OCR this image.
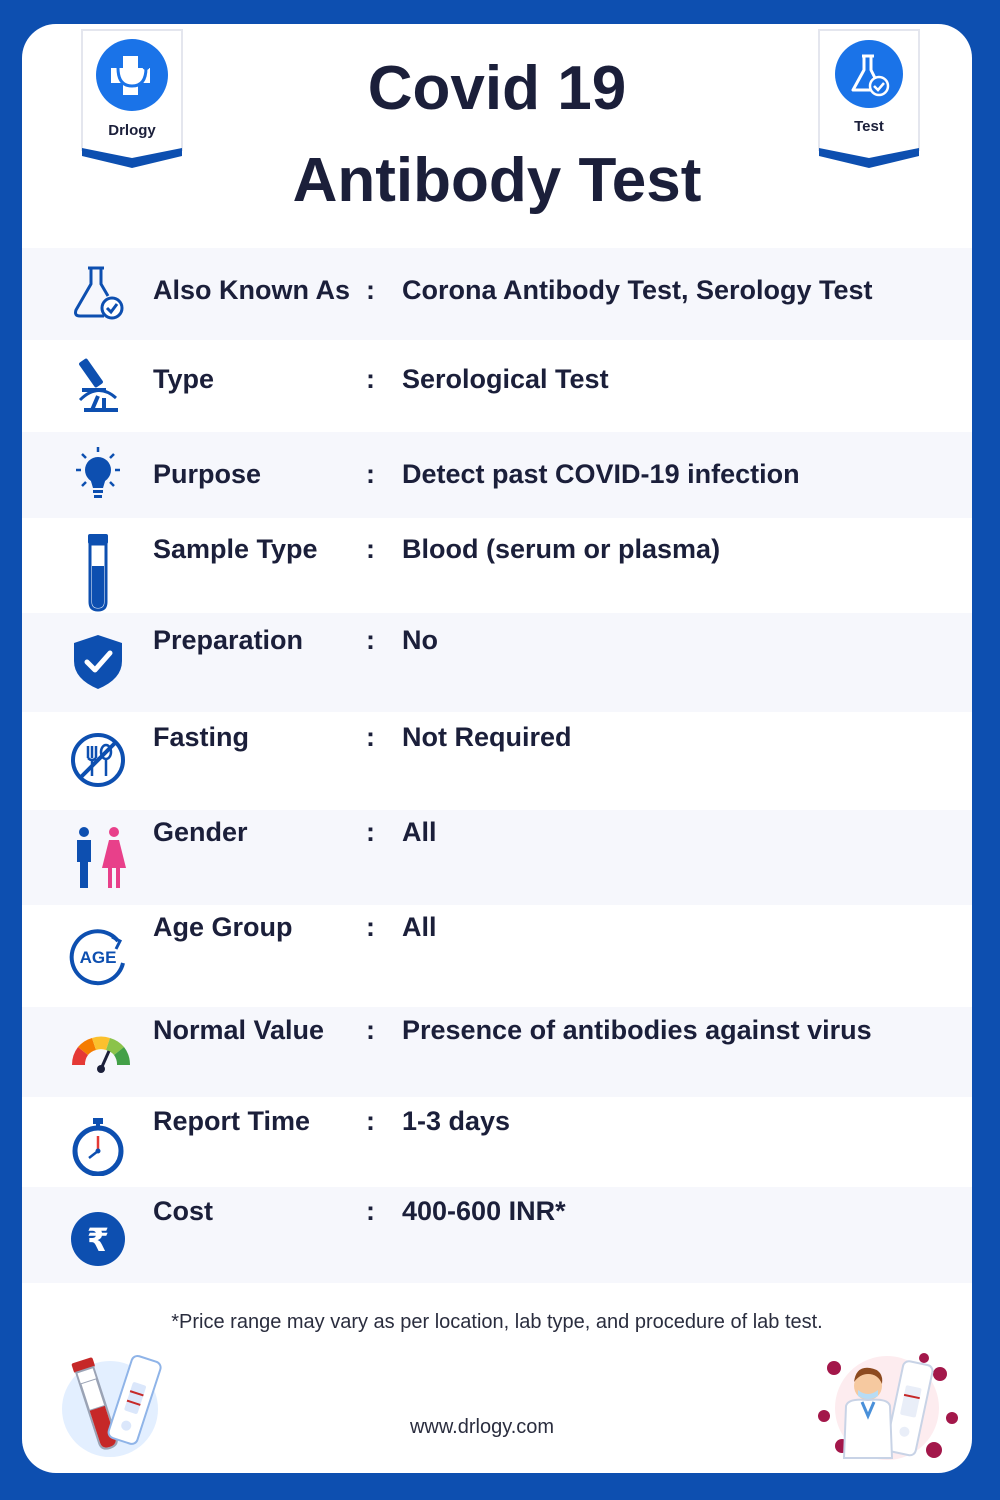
Drlogy	Test
Covid 19
Antibody Test
Also Known As : Corona Antibody Test, Serology Test
Type	: Serological Test
Purpose	: Detect past COVID-19 infection
Sample Type : Blood (serum or plasma)
Preparation : No
Fasting	: Not Required
Gender	: All
AGE
Age Group	: All
Normal Value : Presence of antibodies against virus
Report Time : 1-3 days
₹
Cost	: 400-600 INR*
*Price range may vary as per location, lab type, and procedure of lab test.
www.drlogy.com
